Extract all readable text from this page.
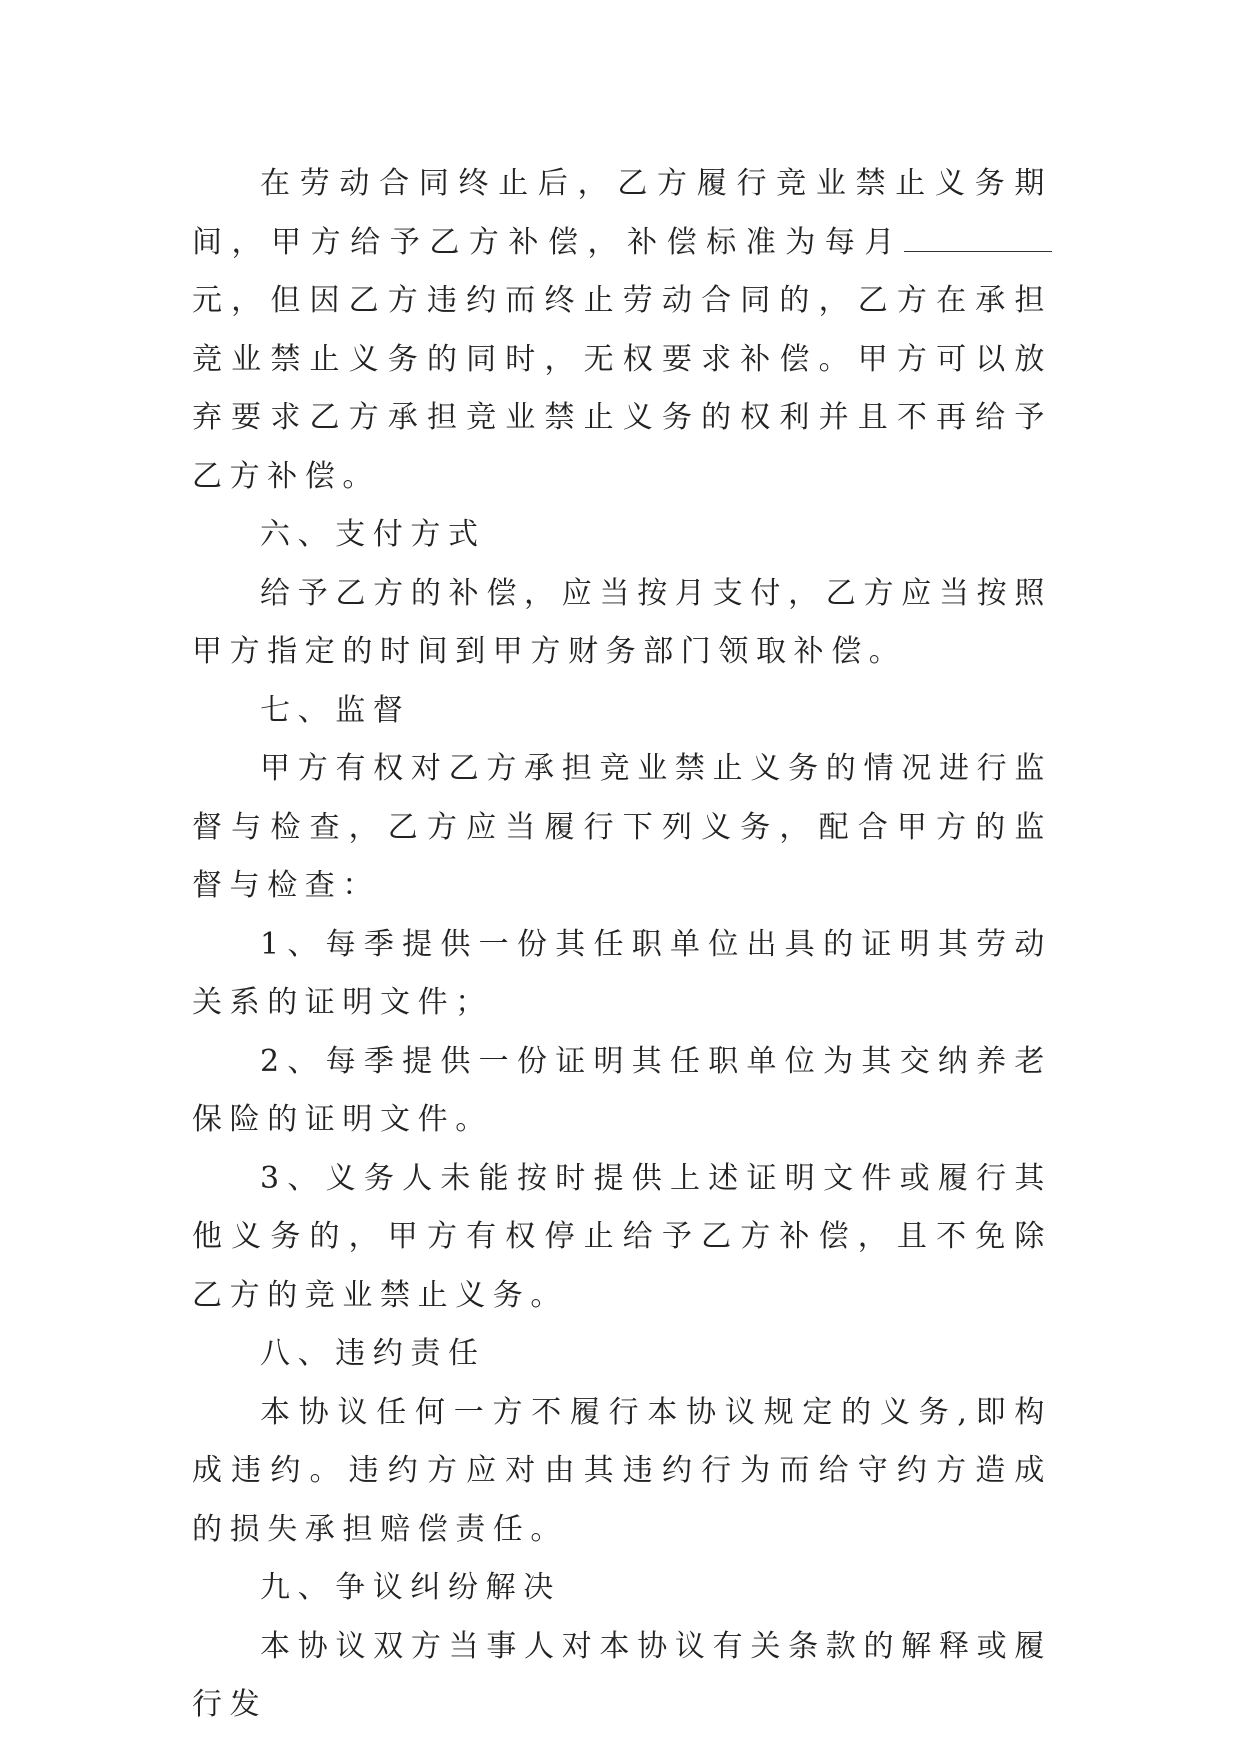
在劳动合同终止后，乙方履行竞业禁止义务期间，甲方给予乙方补偿，补偿标准为每月元，但因乙方违约而终止劳动合同的，乙方在承担竞业禁止义务的同时，无权要求补偿。甲方可以放弃要求乙方承担竞业禁止义务的权利并且不再给予乙方补偿。

六、支付方式

给予乙方的补偿，应当按月支付，乙方应当按照甲方指定的时间到甲方财务部门领取补偿。

七、监督

甲方有权对乙方承担竞业禁止义务的情况进行监督与检查，乙方应当履行下列义务，配合甲方的监督与检查：

1、每季提供一份其任职单位出具的证明其劳动关系的证明文件；

2、每季提供一份证明其任职单位为其交纳养老保险的证明文件。

3、义务人未能按时提供上述证明文件或履行其他义务的，甲方有权停止给予乙方补偿，且不免除乙方的竞业禁止义务。

八、违约责任

本协议任何一方不履行本协议规定的义务,即构成违约。违约方应对由其违约行为而给守约方造成的损失承担赔偿责任。

九、争议纠纷解决

本协议双方当事人对本协议有关条款的解释或履行发
